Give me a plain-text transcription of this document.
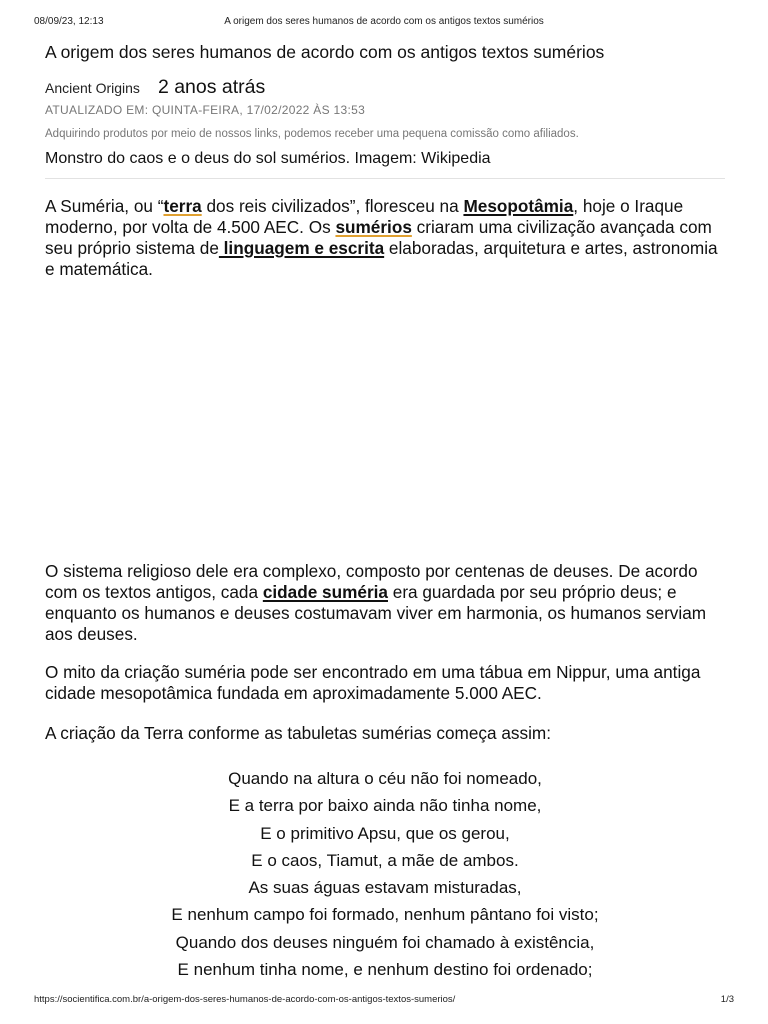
08/09/23, 12:13	A origem dos seres humanos de acordo com os antigos textos sumérios
A origem dos seres humanos de acordo com os antigos textos sumérios
Ancient Origins 2 anos atrás
ATUALIZADO EM: QUINTA-FEIRA, 17/02/2022 ÀS 13:53
Adquirindo produtos por meio de nossos links, podemos receber uma pequena comissão como afiliados.
Monstro do caos e o deus do sol sumérios. Imagem: Wikipedia

A Suméria, ou “terra dos reis civilizados”, floresceu na Mesopotâmia, hoje o Iraque moderno, por volta de 4.500 AEC. Os sumérios criaram uma civilização avançada com seu próprio sistema de linguagem e escrita elaboradas, arquitetura e artes, astronomia e matemática.

O sistema religioso dele era complexo, composto por centenas de deuses. De acordo com os textos antigos, cada cidade suméria era guardada por seu próprio deus; e enquanto os humanos e deuses costumavam viver em harmonia, os humanos serviam aos deuses.

O mito da criação suméria pode ser encontrado em uma tábua em Nippur, uma antiga cidade mesopotâmica fundada em aproximadamente 5.000 AEC.

A criação da Terra conforme as tabuletas sumérias começa assim:

Quando na altura o céu não foi nomeado,

E a terra por baixo ainda não tinha nome,

E o primitivo Apsu, que os gerou,

E o caos, Tiamut, a mãe de ambos.

As suas águas estavam misturadas,

E nenhum campo foi formado, nenhum pântano foi visto;

Quando dos deuses ninguém foi chamado à existência,

E nenhum tinha nome, e nenhum destino foi ordenado;

https://socientifica.com.br/a-origem-dos-seres-humanos-de-acordo-com-os-antigos-textos-sumerios/	1/3
